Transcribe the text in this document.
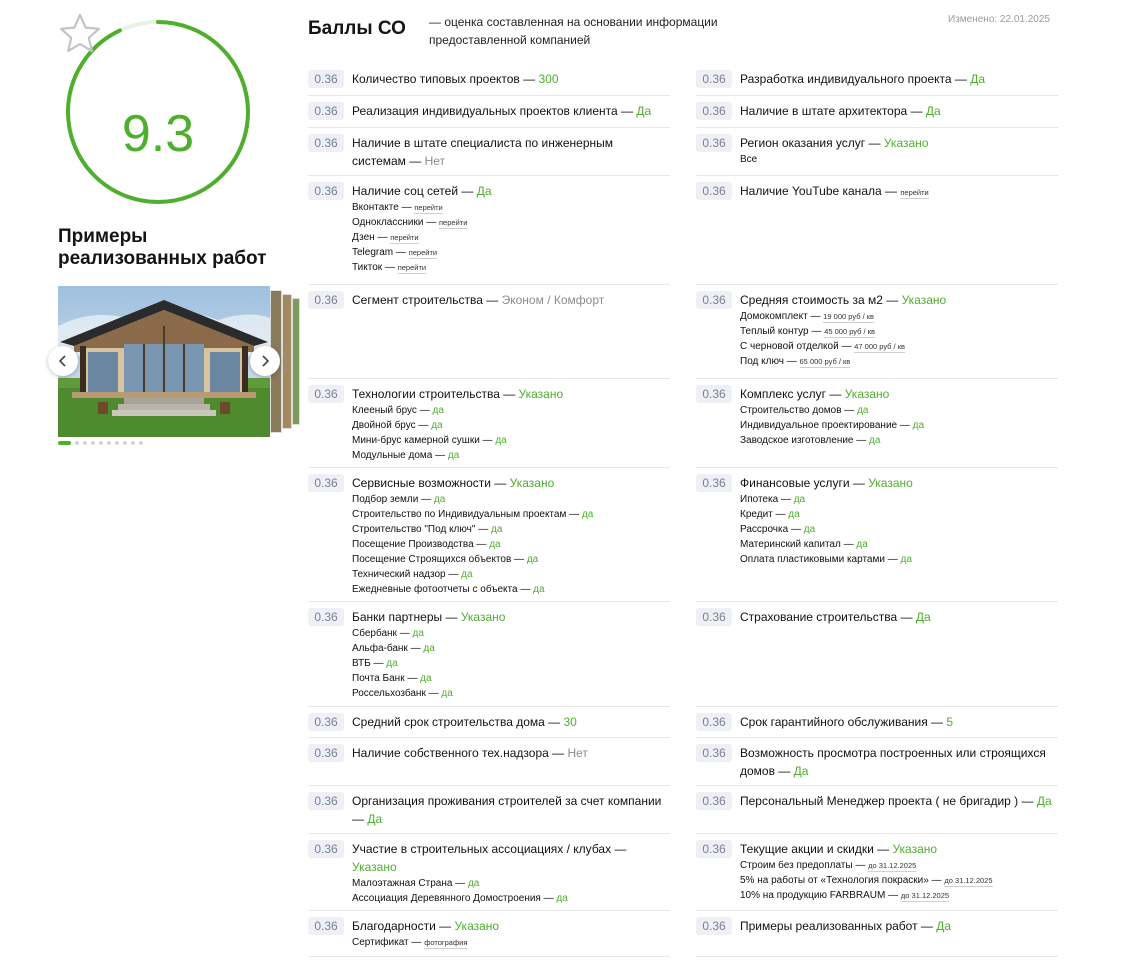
9.3
Примеры реализованных работ
Баллы СО — оценка составленная на основании информации предоставленной компанией
Изменено: 22.01.2025
0.36	Количество типовых проектов — 300
0.36	Реализация индивидуальных проектов клиента — Да
0.36	Наличие в штате специалиста по инженерным системам — Нет
0.36	Наличие соц сетей — Да
Вконтакте — перейти
Одноклассники — перейти
Дзен — перейти
Telegram — перейти
Тикток — перейти
0.36	Сегмент строительства — Эконом / Комфорт
0.36	Технологии строительства — Указано
Клееный брус — да
Двойной брус — да
Мини-брус камерной сушки — да
Модульные дома — да
0.36	Сервисные возможности — Указано
Подбор земли — да
Строительство по Индивидуальным проектам — да
Строительство "Под ключ" — да
Посещение Производства — да
Посещение Строящихся объектов — да
Технический надзор — да
Ежедневные фотоотчеты с объекта — да
0.36	Банки партнеры — Указано
Сбербанк — да
Альфа-банк — да
ВТБ — да
Почта Банк — да
Россельхозбанк — да
0.36	Средний срок строительства дома — 30
0.36	Наличие собственного тех.надзора — Нет
0.36	Организация проживания строителей за счет компании — Да
0.36	Участие в строительных ассоциациях / клубах — Указано
Малоэтажная Страна — да
Ассоциация Деревянного Домостроения — да
0.36	Благодарности — Указано
Сертификат — фотография
0.36	Разработка индивидуального проекта — Да
0.36	Наличие в штате архитектора — Да
0.36	Регион оказания услуг — Указано
Все
0.36	Наличие YouTube канала — перейти
0.36	Средняя стоимость за м2 — Указано
Домокомплект — 19 000 руб / кв
Теплый контур — 45 000 руб / кв
С черновой отделкой — 47 000 руб / кв
Под ключ — 65 000 руб / кв
0.36	Комплекс услуг — Указано
Строительство домов — да
Индивидуальное проектирование — да
Заводское изготовление — да
0.36	Финансовые услуги — Указано
Ипотека — да
Кредит — да
Рассрочка — да
Материнский капитал — да
Оплата пластиковыми картами — да
0.36	Страхование строительства — Да
0.36	Срок гарантийного обслуживания — 5
0.36	Возможность просмотра построенных или строящихся домов — Да
0.36	Персональный Менеджер проекта ( не бригадир ) — Да
0.36	Текущие акции и скидки — Указано
Строим без предоплаты — до 31.12.2025
5% на работы от «Технология покраски» — до 31.12.2025
10% на продукцию FARBRAUM — до 31.12.2025
0.36	Примеры реализованных работ — Да
